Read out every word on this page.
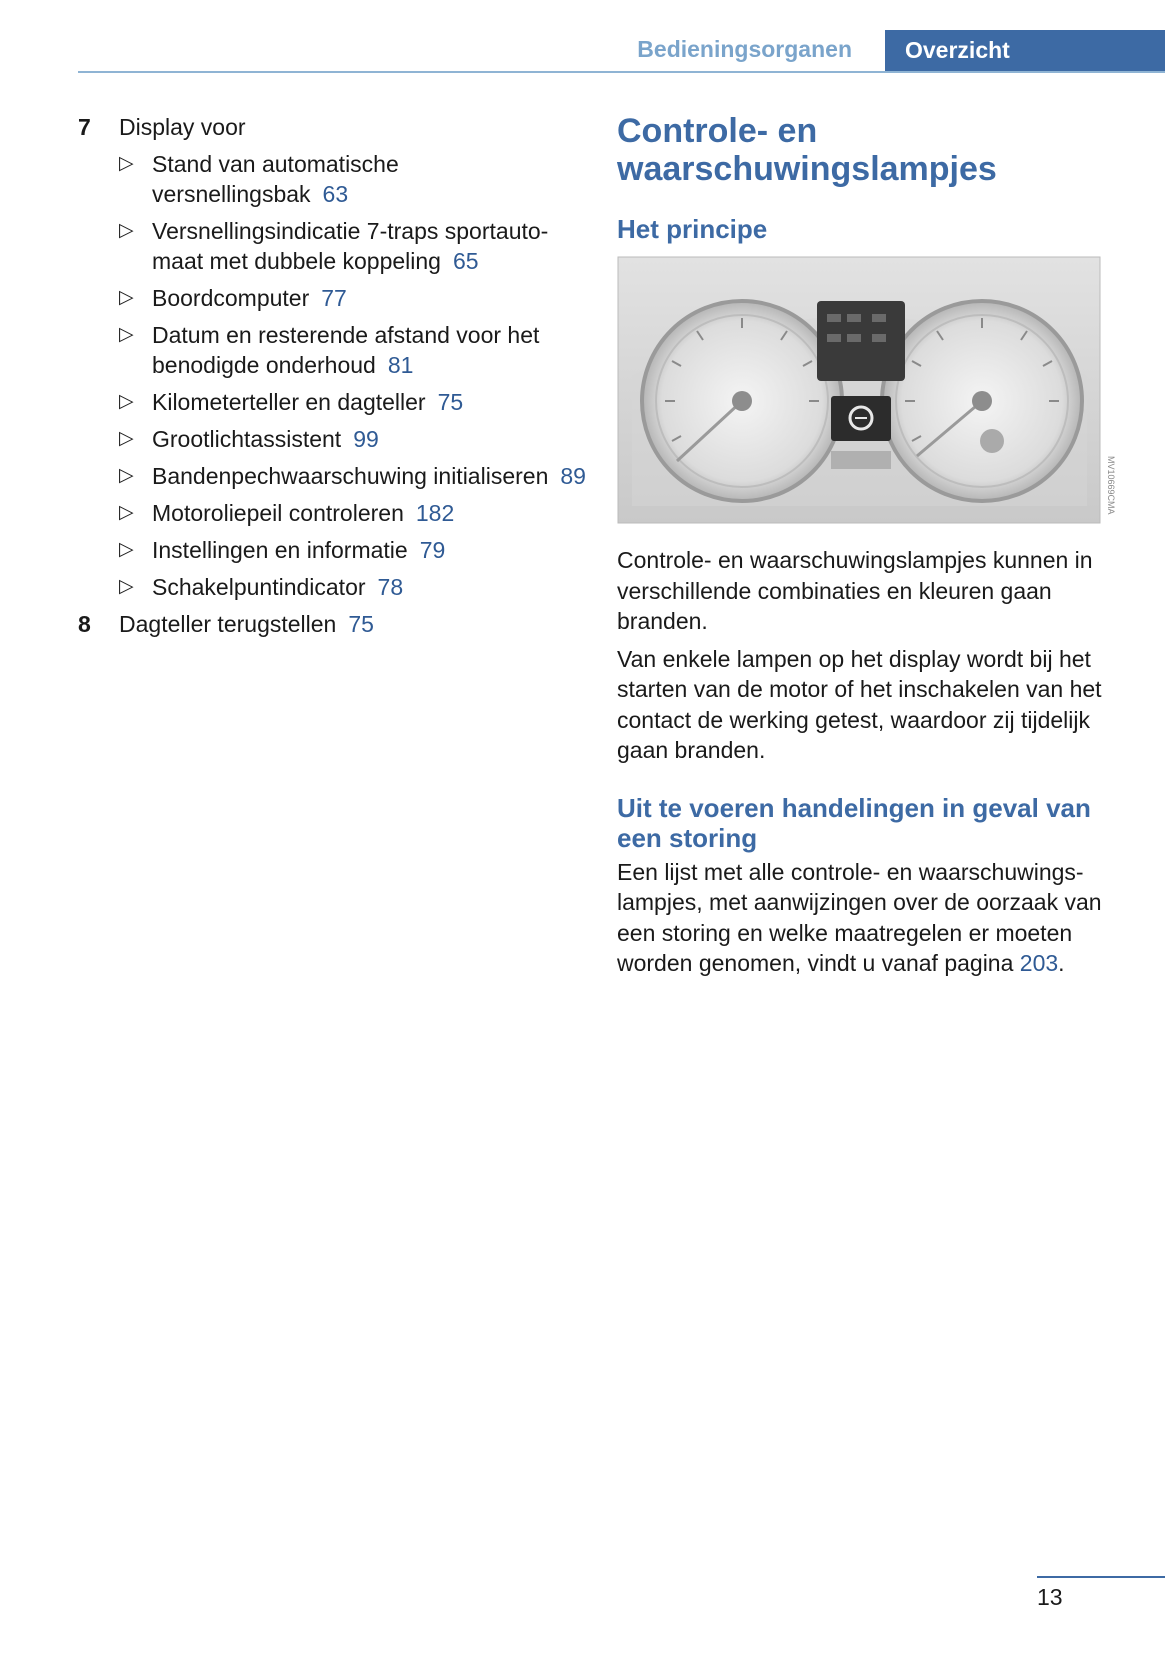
Bedieningsorganen Overzicht
7 Display voor
▷ Stand van automatische versnellingsbak 63
▷ Versnellingsindicatie 7-traps sportauto-maat met dubbele koppeling 65
▷ Boordcomputer 77
▷ Datum en resterende afstand voor het benodigde onderhoud 81
▷ Kilometerteller en dagteller 75
▷ Grootlichtassistent 99
▷ Bandenpechwaarschuwing initialiseren 89
▷ Motoroliepeil controleren 182
▷ Instellingen en informatie 79
▷ Schakelpuntindicator 78
8 Dagteller terugstellen 75
Controle- en waarschuwingslampjes
Het principe
MV10669CMA

Controle- en waarschuwingslampjes kunnen in verschillende combinaties en kleuren gaan branden.

Van enkele lampen op het display wordt bij het starten van de motor of het inschakelen van het contact de werking getest, waardoor zij tijdelijk gaan branden.

Uit te voeren handelingen in geval van een storing

Een lijst met alle controle- en waarschuwings-lampjes, met aanwijzingen over de oorzaak van een storing en welke maatregelen er moeten worden genomen, vindt u vanaf pagina 203.

13
